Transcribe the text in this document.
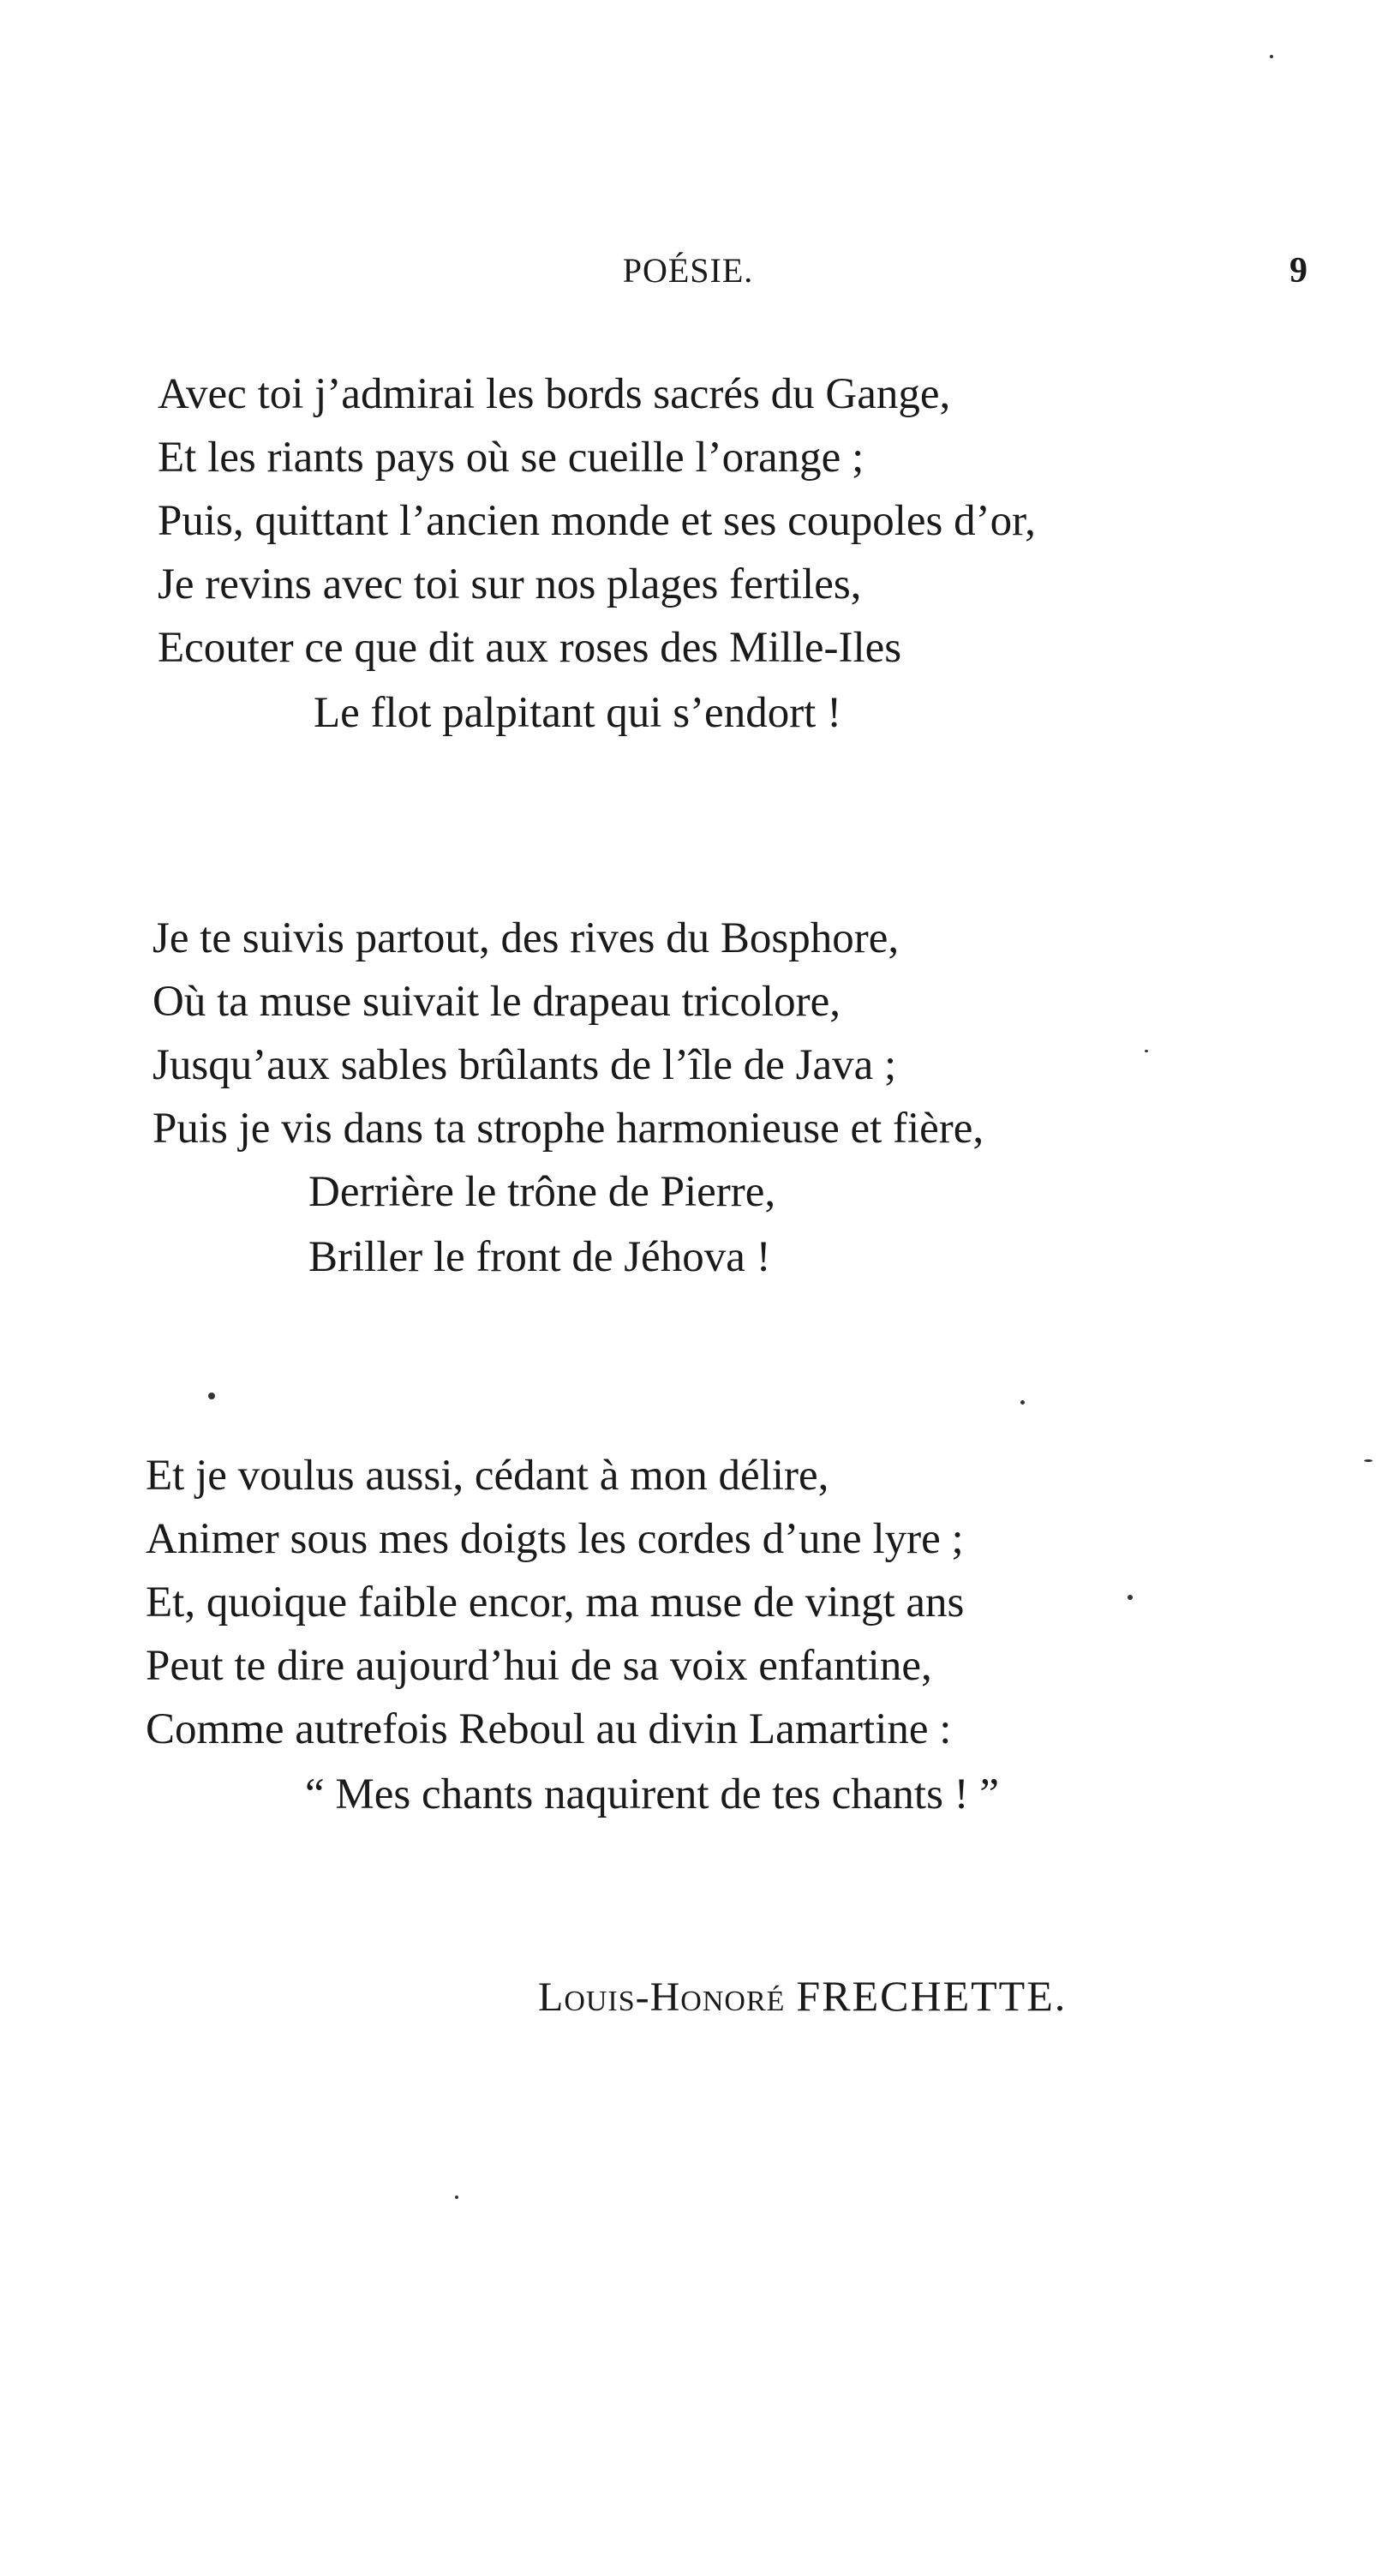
POÉSIE.	9
Avec toi j’admirai les bords sacrés du Gange,
Et les riants pays où se cueille l’orange ;
Puis, quittant l’ancien monde et ses coupoles d’or,
Je revins avec toi sur nos plages fertiles,
Ecouter ce que dit aux roses des Mille-Iles
Le flot palpitant qui s’endort !
Je te suivis partout, des rives du Bosphore,
Où ta muse suivait le drapeau tricolore,
Jusqu’aux sables brûlants de l’île de Java ;
Puis je vis dans ta strophe harmonieuse et fière,
Derrière le trône de Pierre,
Briller le front de Jéhova !
Et je voulus aussi, cédant à mon délire,
Animer sous mes doigts les cordes d’une lyre ;
Et, quoique faible encor, ma muse de vingt ans
Peut te dire aujourd’hui de sa voix enfantine,
Comme autrefois Reboul au divin Lamartine :
“ Mes chants naquirent de tes chants ! ”
Louis-Honoré FRECHETTE.
